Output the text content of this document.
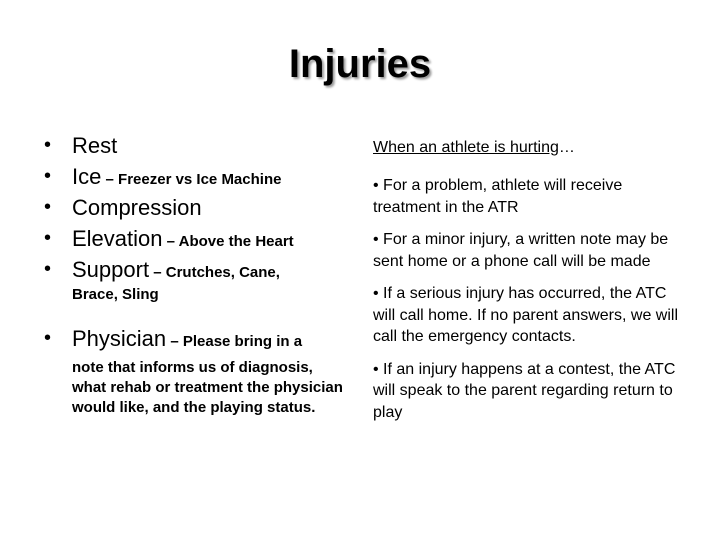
Injuries
• Rest
• Ice – Freezer vs Ice Machine
• Compression
• Elevation – Above the Heart
• Support – Crutches, Cane,
Brace, Sling
• Physician – Please bring in a
note that informs us of diagnosis, what rehab or treatment the physician would like, and the playing status.
When an athlete is hurting…
• For a problem, athlete will receive treatment in the ATR
• For a minor injury, a written note may be sent home or a phone call will be made
• If a serious injury has occurred, the ATC will call home. If no parent answers, we will call the emergency contacts.
• If an injury happens at a contest, the ATC will speak to the parent regarding return to play
